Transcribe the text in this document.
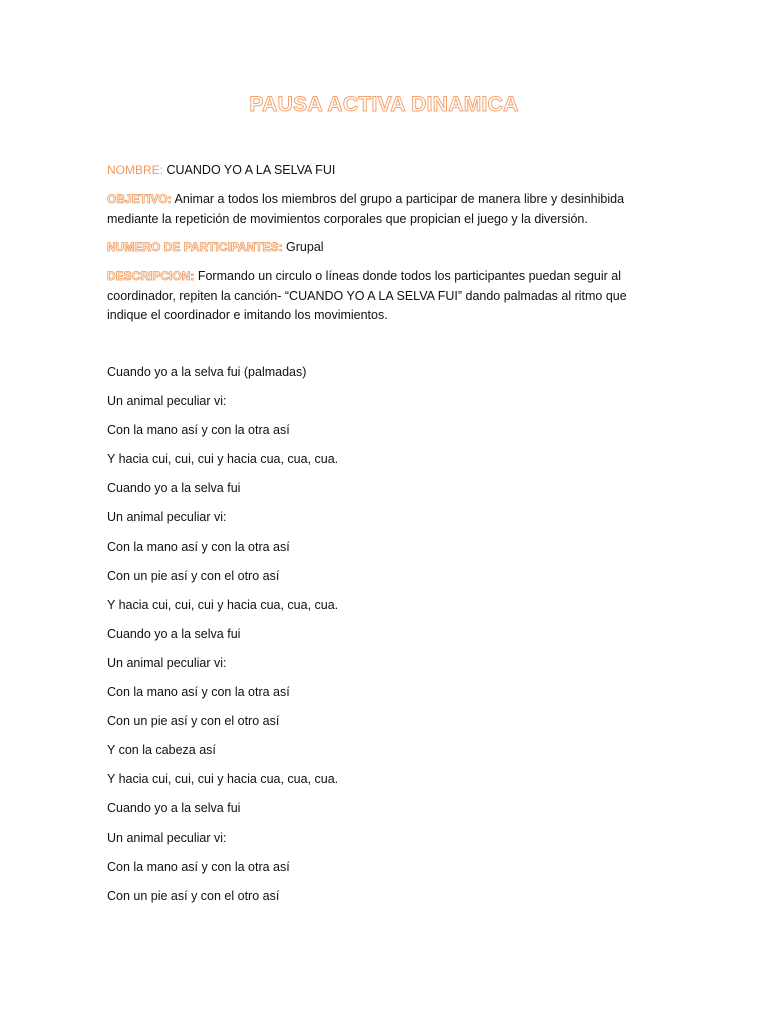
PAUSA ACTIVA DINAMICA

NOMBRE: CUANDO YO A LA SELVA FUI

OBJETIVO: Animar a todos los miembros del grupo a participar de manera libre y desinhibida mediante la repetición de movimientos corporales que propician el juego y la diversión.

NUMERO DE PARTICIPANTES: Grupal

DESCRIPCION: Formando un circulo o líneas donde todos los participantes puedan seguir al coordinador, repiten la canción- “CUANDO YO A LA SELVA FUI” dando palmadas al ritmo que indique el coordinador e imitando los movimientos.

Cuando yo a la selva fui (palmadas)
Un animal peculiar vi:
Con la mano así y con la otra así
Y hacia cui, cui, cui y hacia cua, cua, cua.
Cuando yo a la selva fui
Un animal peculiar vi:
Con la mano así y con la otra así
Con un pie así y con el otro así
Y hacia cui, cui, cui y hacia cua, cua, cua.
Cuando yo a la selva fui
Un animal peculiar vi:
Con la mano así y con la otra así
Con un pie así y con el otro así
Y con la cabeza así
Y hacia cui, cui, cui y hacia cua, cua, cua.
Cuando yo a la selva fui
Un animal peculiar vi:
Con la mano así y con la otra así
Con un pie así y con el otro así
